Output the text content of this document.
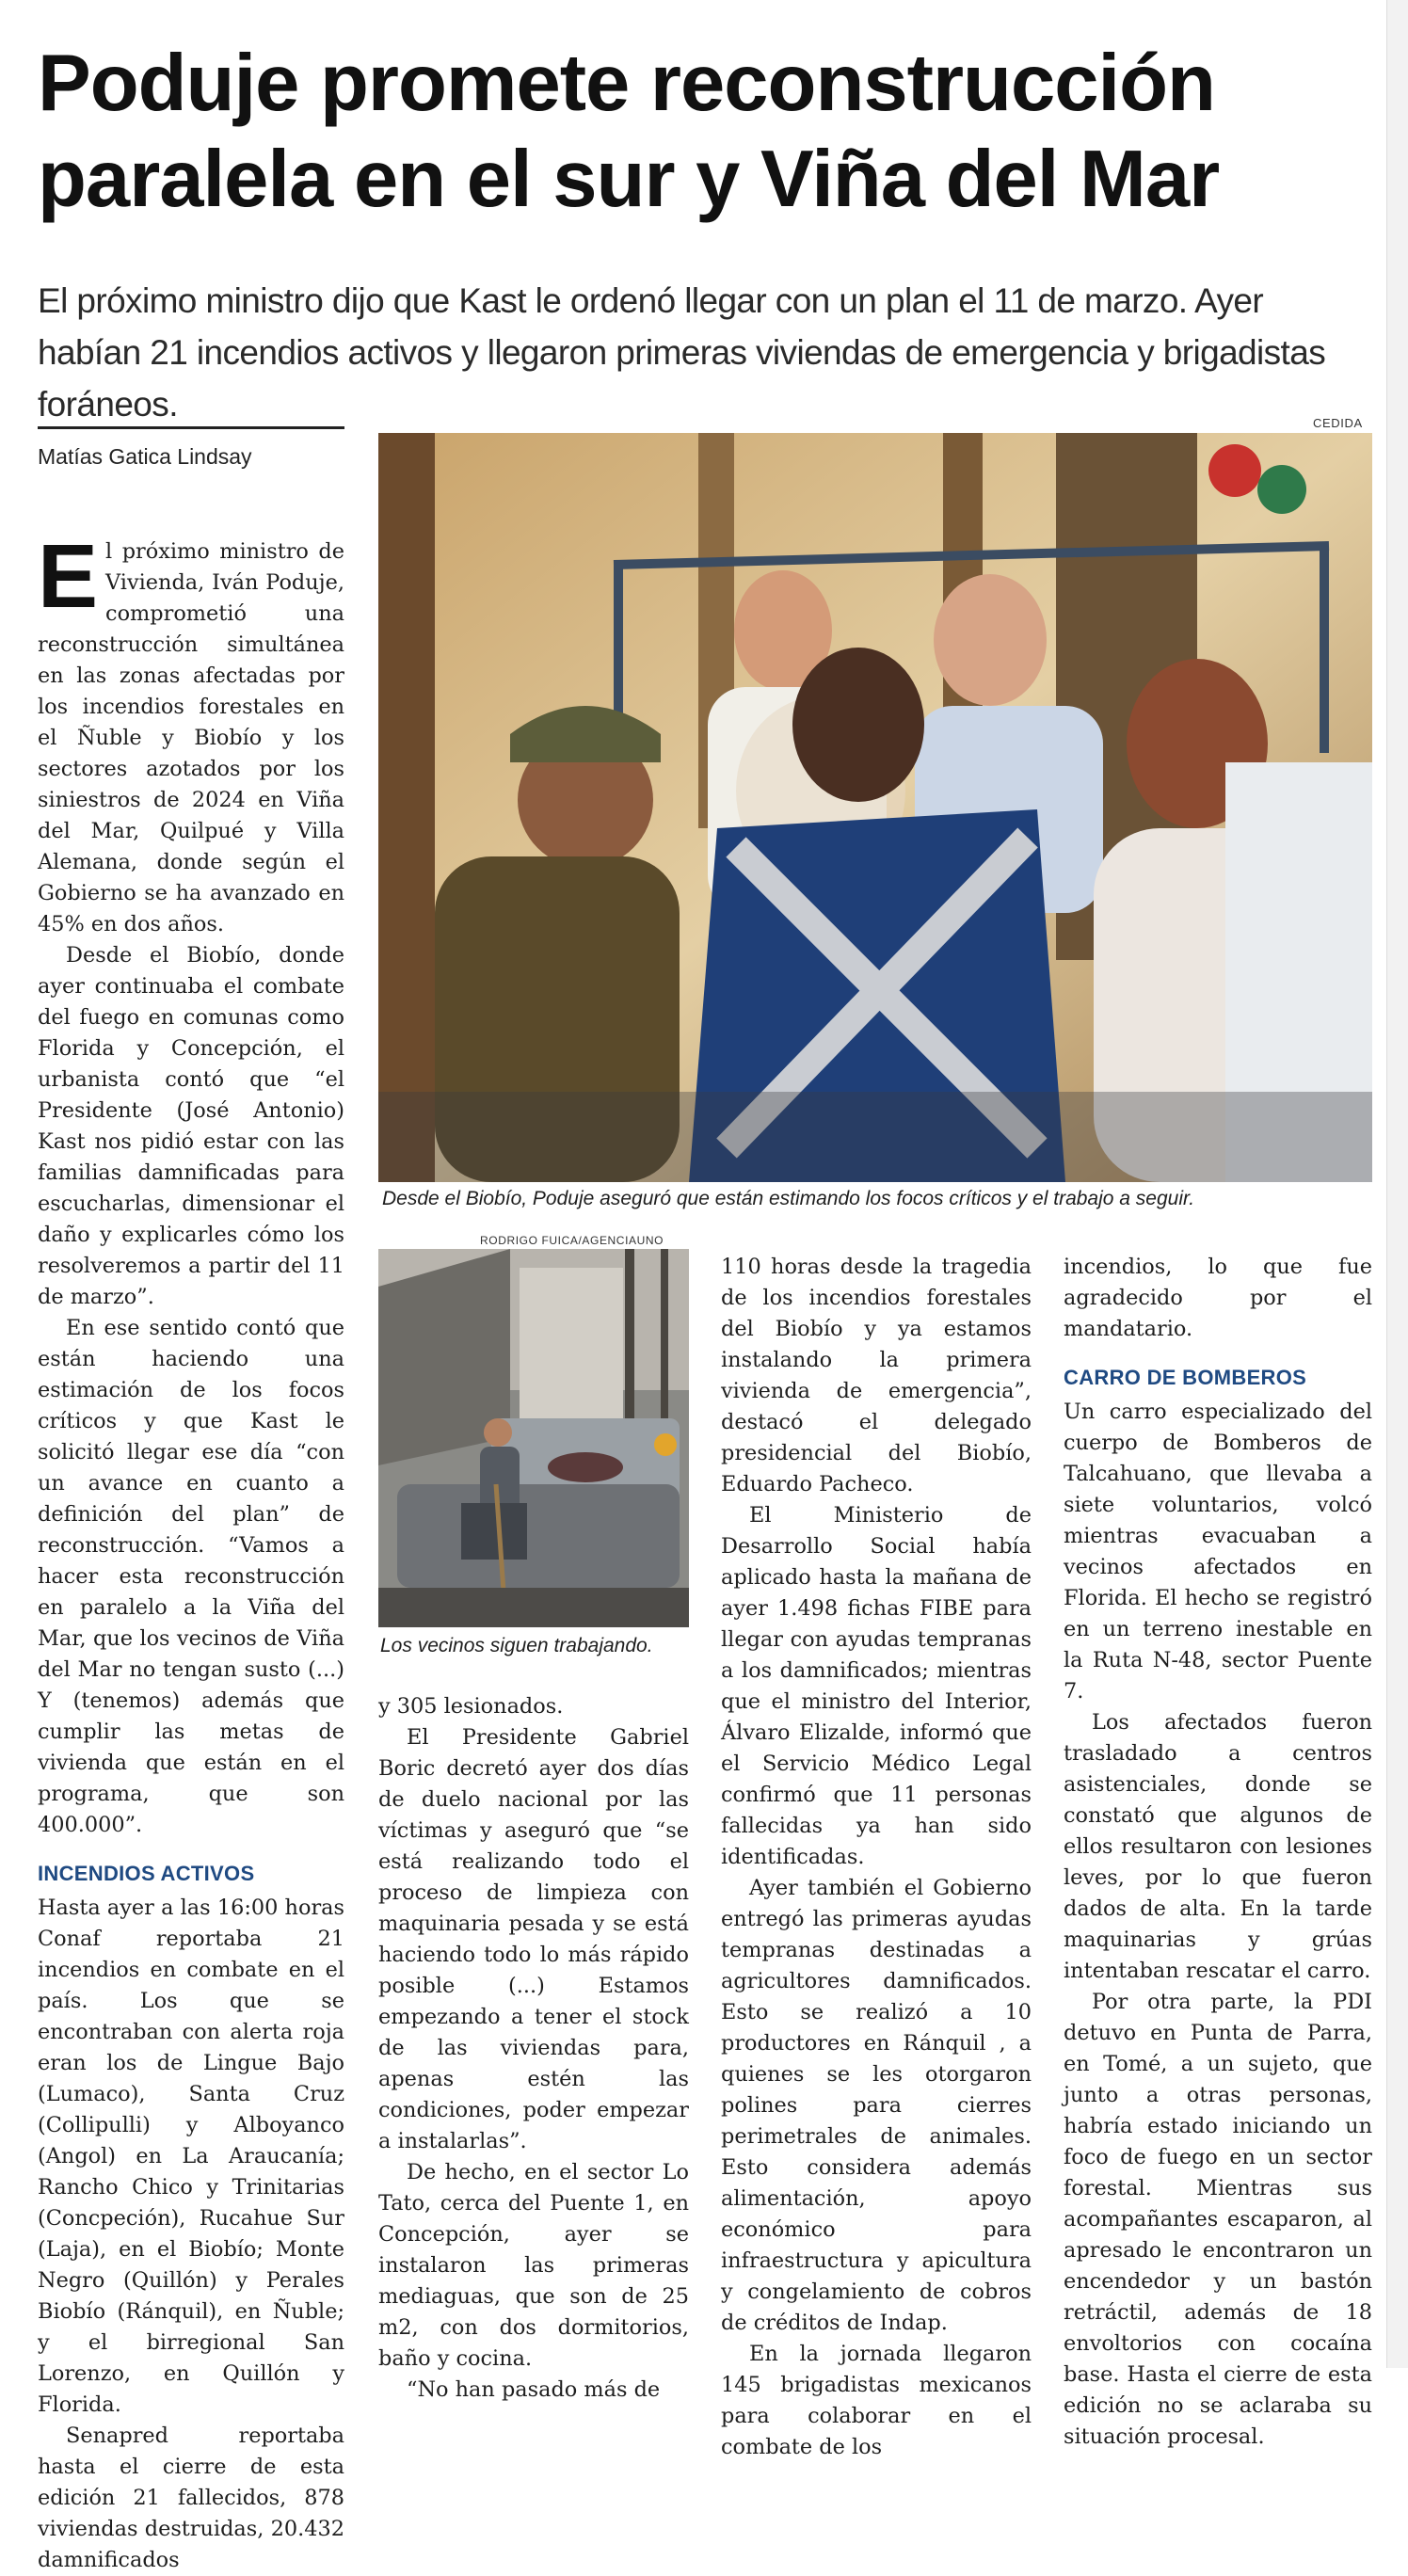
Poduje promete reconstrucción paralela en el sur y Viña del Mar

El próximo ministro dijo que Kast le ordenó llegar con un plan el 11 de marzo. Ayer habían 21 incendios activos y llegaron primeras viviendas de emergencia y brigadistas foráneos.

Matías Gatica Lindsay
CEDIDA
Desde el Biobío, Poduje aseguró que están estimando los focos críticos y el trabajo a seguir.
RODRIGO FUICA/AGENCIAUNO
Los vecinos siguen trabajando.

El próximo ministro de Vivienda, Iván Poduje, comprometió una reconstrucción simultánea en las zonas afectadas por los incendios forestales en el Ñuble y Biobío y los sectores azotados por los siniestros de 2024 en Viña del Mar, Quilpué y Villa Alemana, donde según el Gobierno se ha avanzado en 45% en dos años.

Desde el Biobío, donde ayer continuaba el combate del fuego en comunas como Florida y Concepción, el urbanista contó que “el Presidente (José Antonio) Kast nos pidió estar con las familias damnificadas para escucharlas, dimensionar el daño y explicarles cómo los resolveremos a partir del 11 de marzo”.

En ese sentido contó que están haciendo una estimación de los focos críticos y que Kast le solicitó llegar ese día “con un avance en cuanto a definición del plan” de reconstrucción. “Vamos a hacer esta reconstrucción en paralelo a la Viña del Mar, que los vecinos de Viña del Mar no tengan susto (...) Y (tenemos) además que cumplir las metas de vivienda que están en el programa, que son 400.000”.

INCENDIOS ACTIVOS

Hasta ayer a las 16:00 horas Conaf reportaba 21 incendios en combate en el país. Los que se encontraban con alerta roja eran los de Lingue Bajo (Lumaco), Santa Cruz (Collipulli) y Alboyanco (Angol) en La Araucanía; Rancho Chico y Trinitarias (Concpeción), Rucahue Sur (Laja), en el Biobío; Monte Negro (Quillón) y Perales Biobío (Ránquil), en Ñuble; y el birregional San Lorenzo, en Quillón y Florida.

Senapred reportaba hasta el cierre de esta edición 21 fallecidos, 878 viviendas destruidas, 20.432 damnificados

y 305 lesionados.

El Presidente Gabriel Boric decretó ayer dos días de duelo nacional por las víctimas y aseguró que “se está realizando todo el proceso de limpieza con maquinaria pesada y se está haciendo todo lo más rápido posible (...) Estamos empezando a tener el stock de las viviendas para, apenas estén las condiciones, poder empezar a instalarlas”.

De hecho, en el sector Lo Tato, cerca del Puente 1, en Concepción, ayer se instalaron las primeras mediaguas, que son de 25 m2, con dos dormitorios, baño y cocina.

“No han pasado más de

110 horas desde la tragedia de los incendios forestales del Biobío y ya estamos instalando la primera vivienda de emergencia”, destacó el delegado presidencial del Biobío, Eduardo Pacheco.

El Ministerio de Desarrollo Social había aplicado hasta la mañana de ayer 1.498 fichas FIBE para llegar con ayudas tempranas a los damnificados; mientras que el ministro del Interior, Álvaro Elizalde, informó que el Servicio Médico Legal confirmó que 11 personas fallecidas ya han sido identificadas.

Ayer también el Gobierno entregó las primeras ayudas tempranas destinadas a agricultores damnificados. Esto se realizó a 10 productores en Ránquil , a quienes se les otorgaron polines para cierres perimetrales de animales. Esto considera además alimentación, apoyo económico para infraestructura y apicultura y congelamiento de cobros de créditos de Indap.

En la jornada llegaron 145 brigadistas mexicanos para colaborar en el combate de los

incendios, lo que fue agradecido por el mandatario.

CARRO DE BOMBEROS

Un carro especializado del cuerpo de Bomberos de Talcahuano, que llevaba a siete voluntarios, volcó mientras evacuaban a vecinos afectados en Florida. El hecho se registró en un terreno inestable en la Ruta N-48, sector Puente 7.

Los afectados fueron trasladado a centros asistenciales, donde se constató que algunos de ellos resultaron con lesiones leves, por lo que fueron dados de alta. En la tarde maquinarias y grúas intentaban rescatar el carro.

Por otra parte, la PDI detuvo en Punta de Parra, en Tomé, a un sujeto, que junto a otras personas, habría estado iniciando un foco de fuego en un sector forestal. Mientras sus acompañantes escaparon, al apresado le encontraron un encendedor y un bastón retráctil, además de 18 envoltorios con cocaína base. Hasta el cierre de esta edición no se aclaraba su situación procesal.
